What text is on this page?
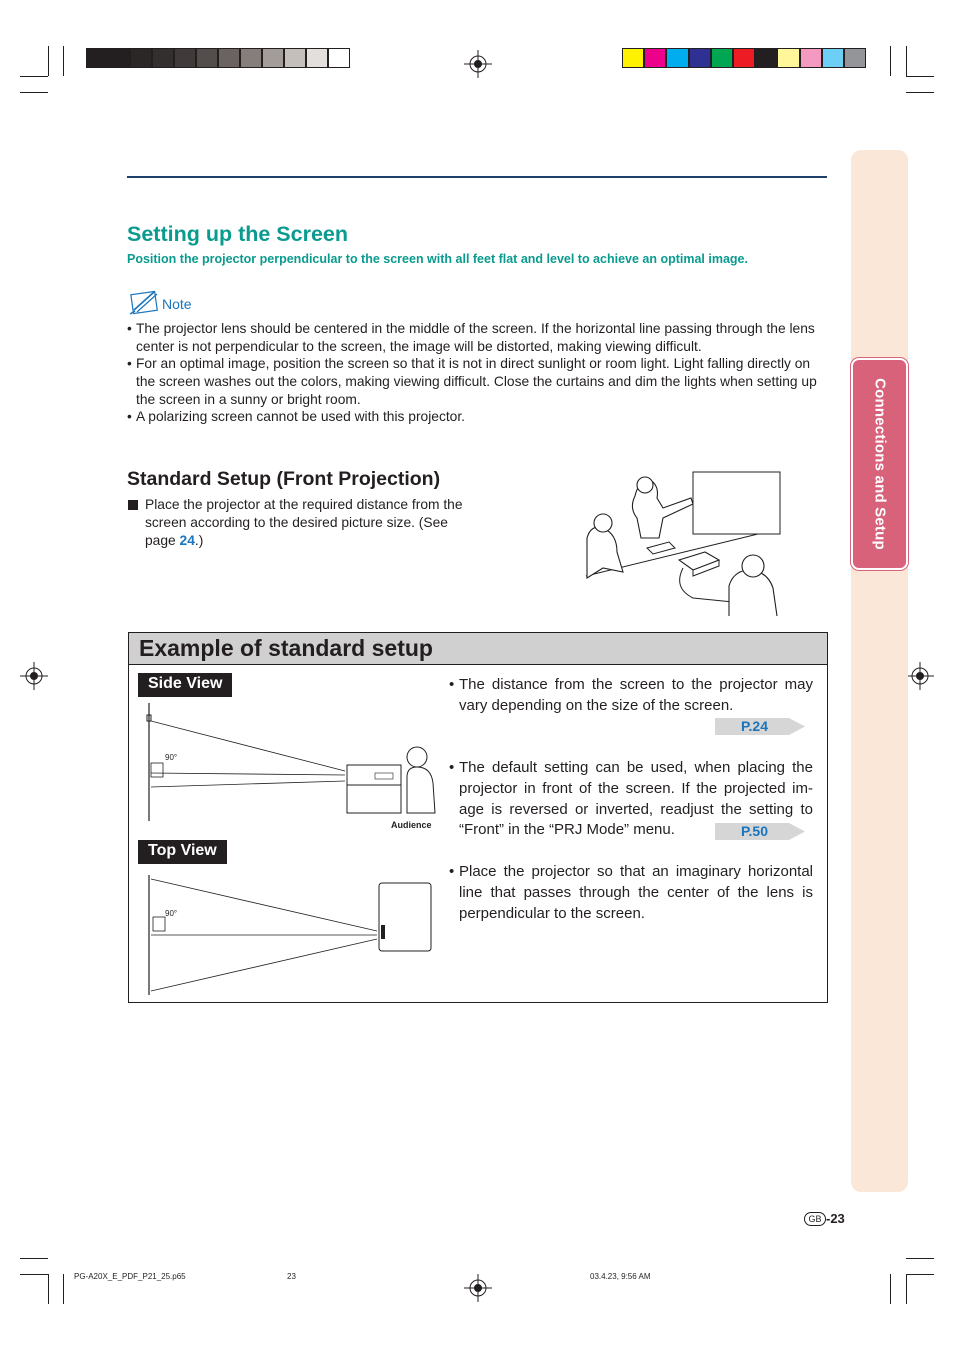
Connections and Setup
Setting up the Screen
Position the projector perpendicular to the screen with all feet flat and level to achieve an optimal image.
Note
• The projector lens should be centered in the middle of the screen. If the horizontal line passing through the lens center is not perpendicular to the screen, the image will be distorted, making viewing difficult.
• For an optimal image, position the screen so that it is not in direct sunlight or room light. Light falling directly on the screen washes out the colors, making viewing difficult. Close the curtains and dim the lights when setting up the screen in a sunny or bright room.
• A polarizing screen cannot be used with this projector.
Standard Setup (Front Projection)
Place the projector at the required distance from the screen according to the desired picture size. (See page 24.)
Example of standard setup
Side View
90°
Audience
Top View
90°
• The distance from the screen to the projector may vary depending on the size of the screen.
P.24
• The default setting can be used, when placing the projector in front of the screen. If the projected im-age is reversed or inverted, readjust the setting to “Front” in the “PRJ Mode” menu.	P.50
• Place the projector so that an imaginary horizontal line that passes through the center of the lens is perpendicular to the screen.
GB -23
PG-A20X_E_PDF_P21_25.p65	23	03.4.23, 9:56 AM
